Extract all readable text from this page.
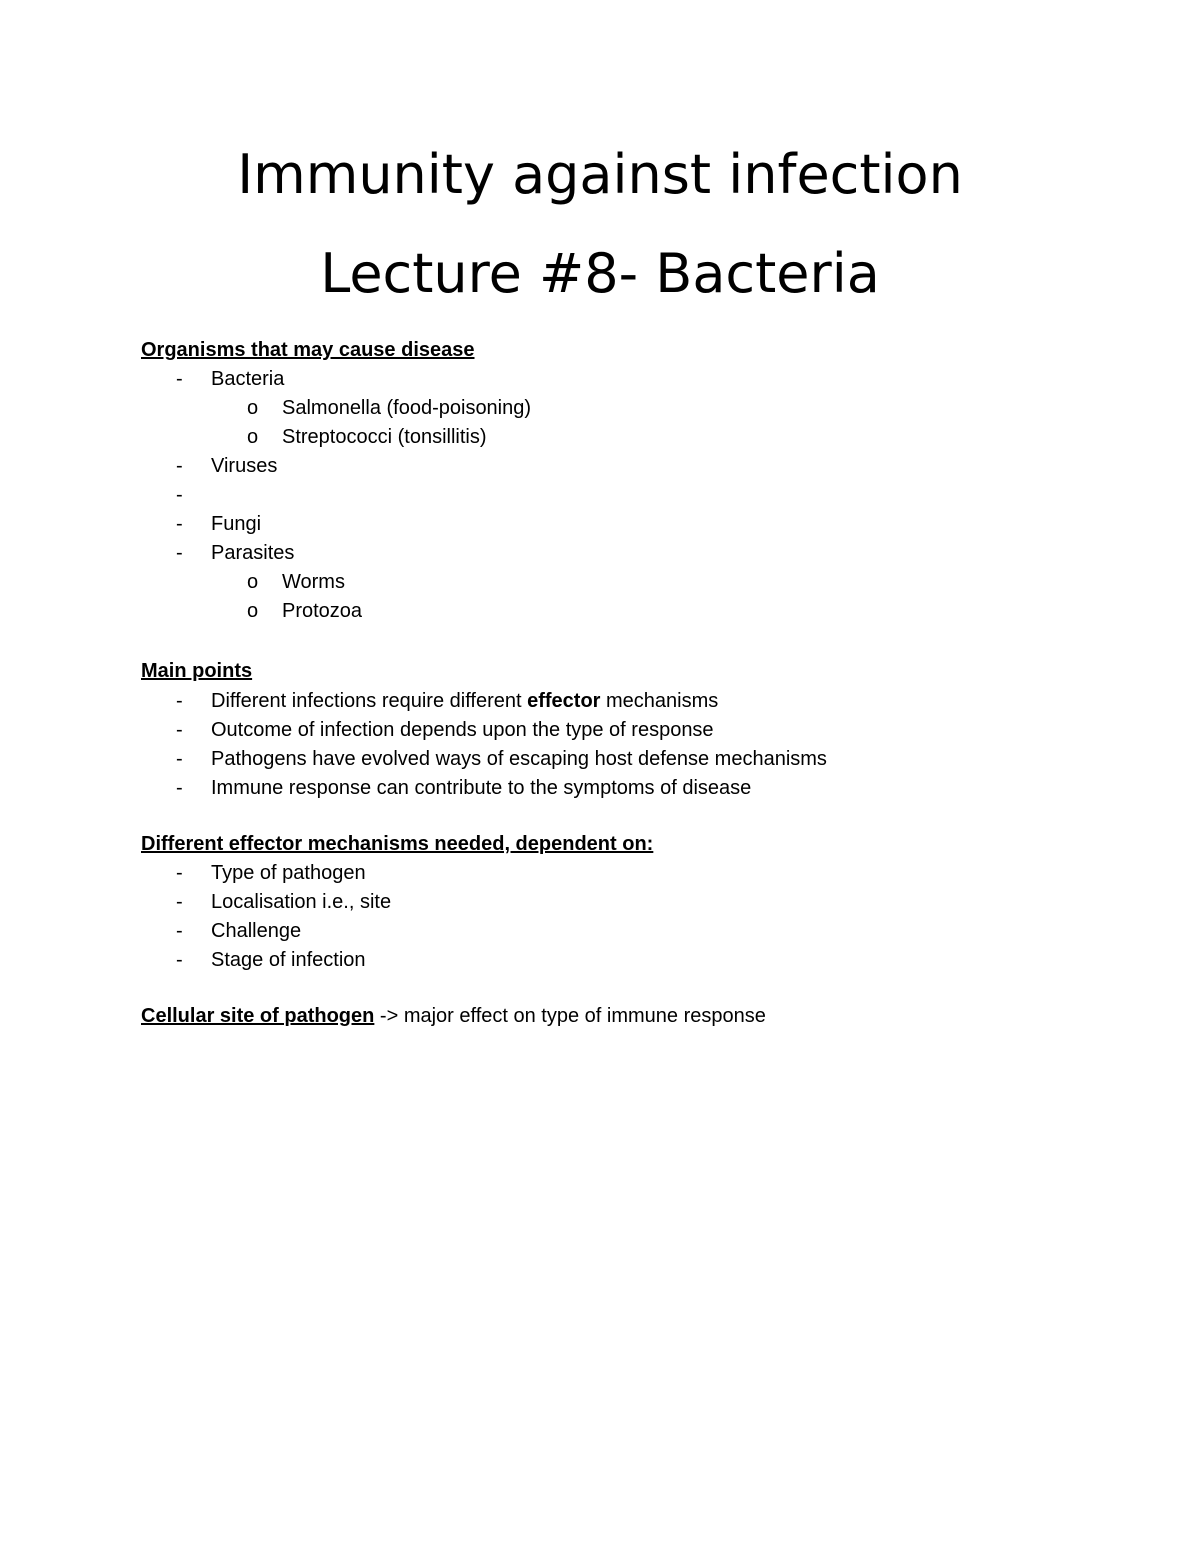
Immunity against infection
Lecture #8- Bacteria
Organisms that may cause disease
- Bacteria
o Salmonella (food-poisoning)
o Streptococci (tonsillitis)
- Viruses
-
- Fungi
- Parasites
o Worms
o Protozoa
Main points
- Different infections require different effector mechanisms
- Outcome of infection depends upon the type of response
- Pathogens have evolved ways of escaping host defense mechanisms
- Immune response can contribute to the symptoms of disease
Different effector mechanisms needed, dependent on:
- Type of pathogen
- Localisation i.e., site
- Challenge
- Stage of infection
Cellular site of pathogen -> major effect on type of immune response
